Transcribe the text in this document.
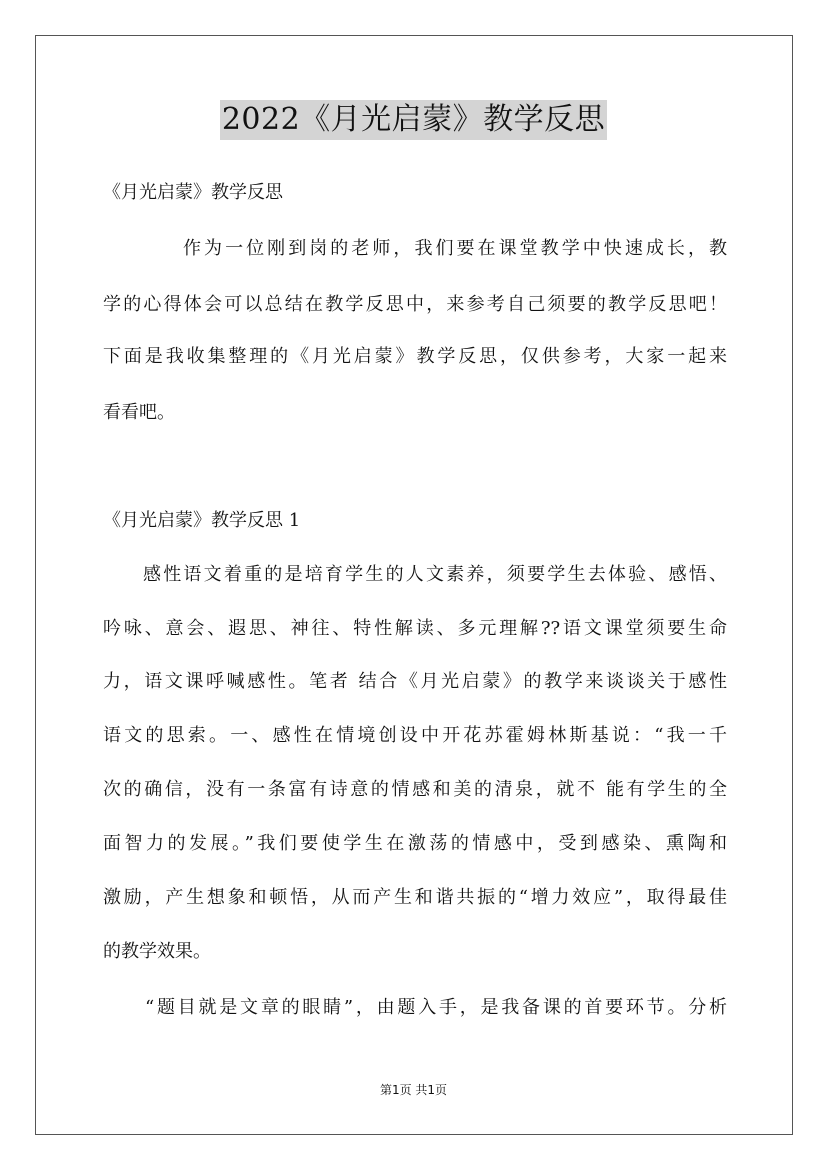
2022《月光启蒙》教学反思
《月光启蒙》教学反思
作为一位刚到岗的老师，我们要在课堂教学中快速成长，教
学的心得体会可以总结在教学反思中，来参考自己须要的教学反思吧！
下面是我收集整理的《月光启蒙》教学反思，仅供参考，大家一起来
看看吧。
《月光启蒙》教学反思 1
感性语文着重的是培育学生的人文素养，须要学生去体验、感悟、
吟咏、意会、遐思、神往、特性解读、多元理解??语文课堂须要生命
力，语文课呼喊感性。笔者 结合《月光启蒙》的教学来谈谈关于感性
语文的思索。一、感性在情境创设中开花苏霍姆林斯基说：“我一千
次的确信，没有一条富有诗意的情感和美的清泉，就不 能有学生的全
面智力的发展。”我们要使学生在激荡的情感中，受到感染、熏陶和
激励，产生想象和顿悟，从而产生和谐共振的“增力效应”，取得最佳
的教学效果。
“题目就是文章的眼睛”，由题入手，是我备课的首要环节。分析
第1页 共1页
